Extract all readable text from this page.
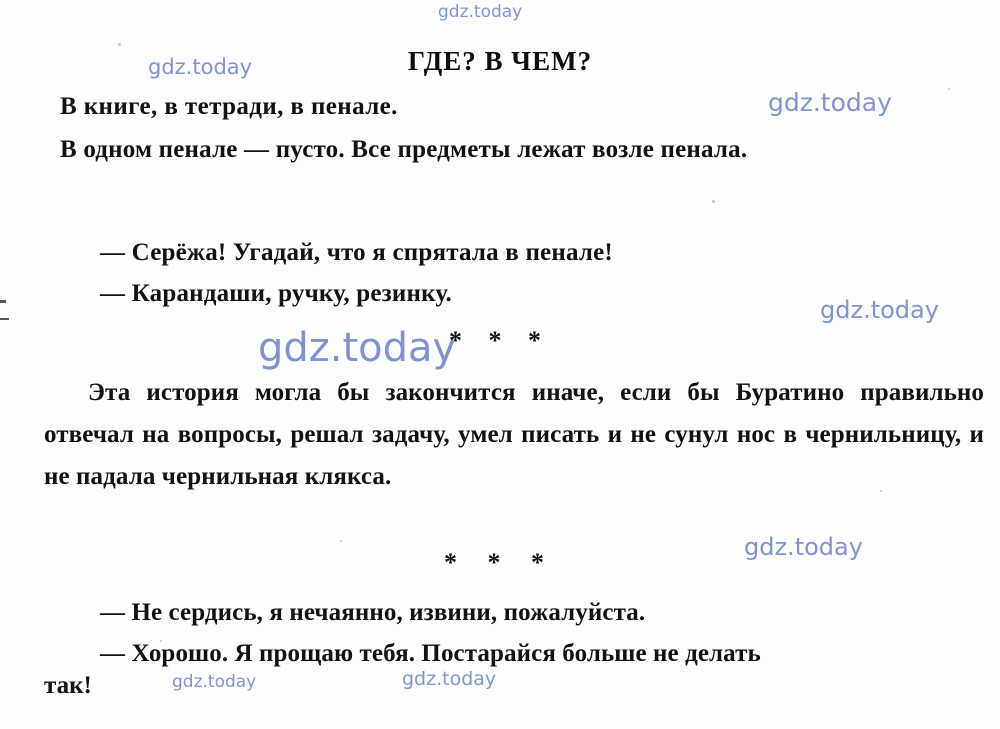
gdz.today
gdz.today
gdz.today
gdz.today
gdz.today
gdz.today	gdz.today
ГДЕ? В ЧЕМ?

В книге, в тетради, в пенале.

В одном пенале — пусто. Все предметы лежат возле пенала.

— Серёжа! Угадай, что я спрятала в пенале!

— Карандаши, ручку, резинку.

gdz.today
* * *

Эта история могла бы закончится иначе, если бы Буратино правильно отвечал на вопросы, решал задачу, умел писать и не сунул нос в чернильницу, и не падала чернильная клякса.

* * *

— Не сердись, я нечаянно, извини, пожалуйста.

— Хорошо. Я прощаю тебя. Постарайся больше не делать

так!
